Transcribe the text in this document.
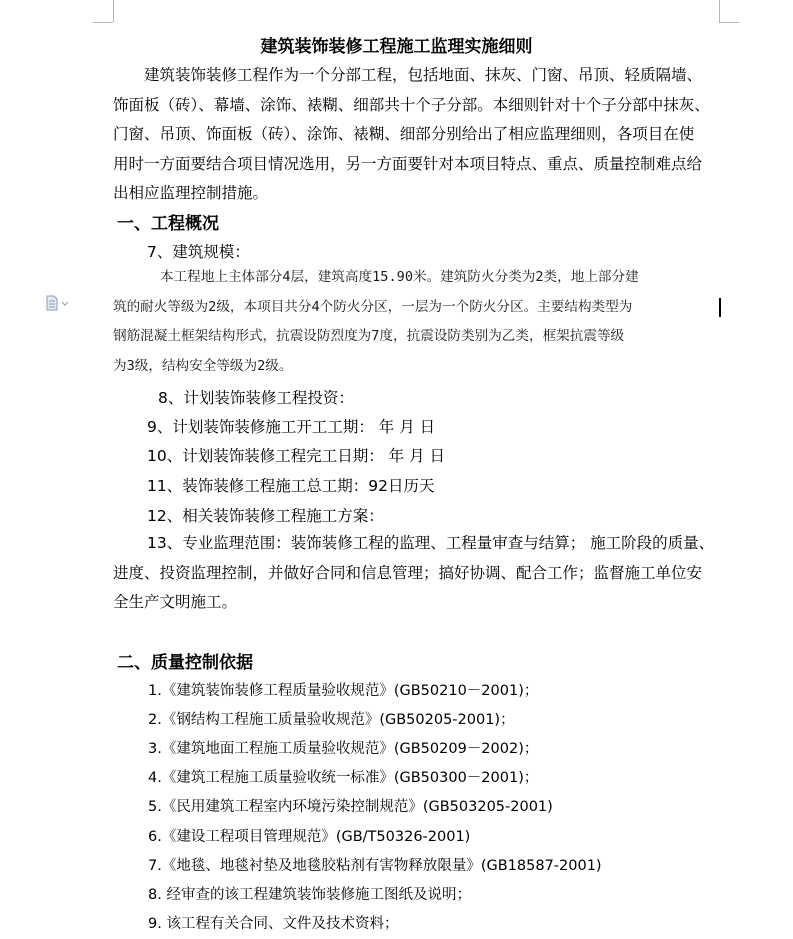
建筑装饰装修工程施工监理实施细则
建筑装饰装修工程作为一个分部工程，包括地面、抹灰、门窗、吊顶、轻质隔墙、
饰面板（砖）、幕墙、涂饰、裱糊、细部共十个子分部。本细则针对十个子分部中抹灰、
门窗、吊顶、饰面板（砖）、涂饰、裱糊、细部分别给出了相应监理细则，各项目在使
用时一方面要结合项目情况选用，另一方面要针对本项目特点、重点、质量控制难点给
出相应监理控制措施。
一、工程概况
7、建筑规模：
本工程地上主体部分4层，建筑高度15.90米。建筑防火分类为2类，地上部分建
筑的耐火等级为2级，本项目共分4个防火分区，一层为一个防火分区。主要结构类型为
钢筋混凝土框架结构形式，抗震设防烈度为7度，抗震设防类别为乙类，框架抗震等级
为3级，结构安全等级为2级。
8、计划装饰装修工程投资：
9、计划装饰装修施工开工工期： 年 月 日
10、计划装饰装修工程完工日期： 年 月 日
11、装饰装修工程施工总工期：92日历天
12、相关装饰装修工程施工方案：
13、专业监理范围：装饰装修工程的监理、工程量审查与结算； 施工阶段的质量、
进度、投资监理控制，并做好合同和信息管理；搞好协调、配合工作；监督施工单位安
全生产文明施工。
二、质量控制依据
1.《建筑装饰装修工程质量验收规范》(GB50210－2001)；
2.《钢结构工程施工质量验收规范》(GB50205-2001)；
3.《建筑地面工程施工质量验收规范》(GB50209－2002)；
4.《建筑工程施工质量验收统一标准》(GB50300－2001)；
5.《民用建筑工程室内环境污染控制规范》(GB503205-2001)
6.《建设工程项目管理规范》(GB/T50326-2001)
7.《地毯、地毯衬垫及地毯胶粘剂有害物释放限量》(GB18587-2001)
8. 经审查的该工程建筑装饰装修施工图纸及说明；
9. 该工程有关合同、文件及技术资料；
